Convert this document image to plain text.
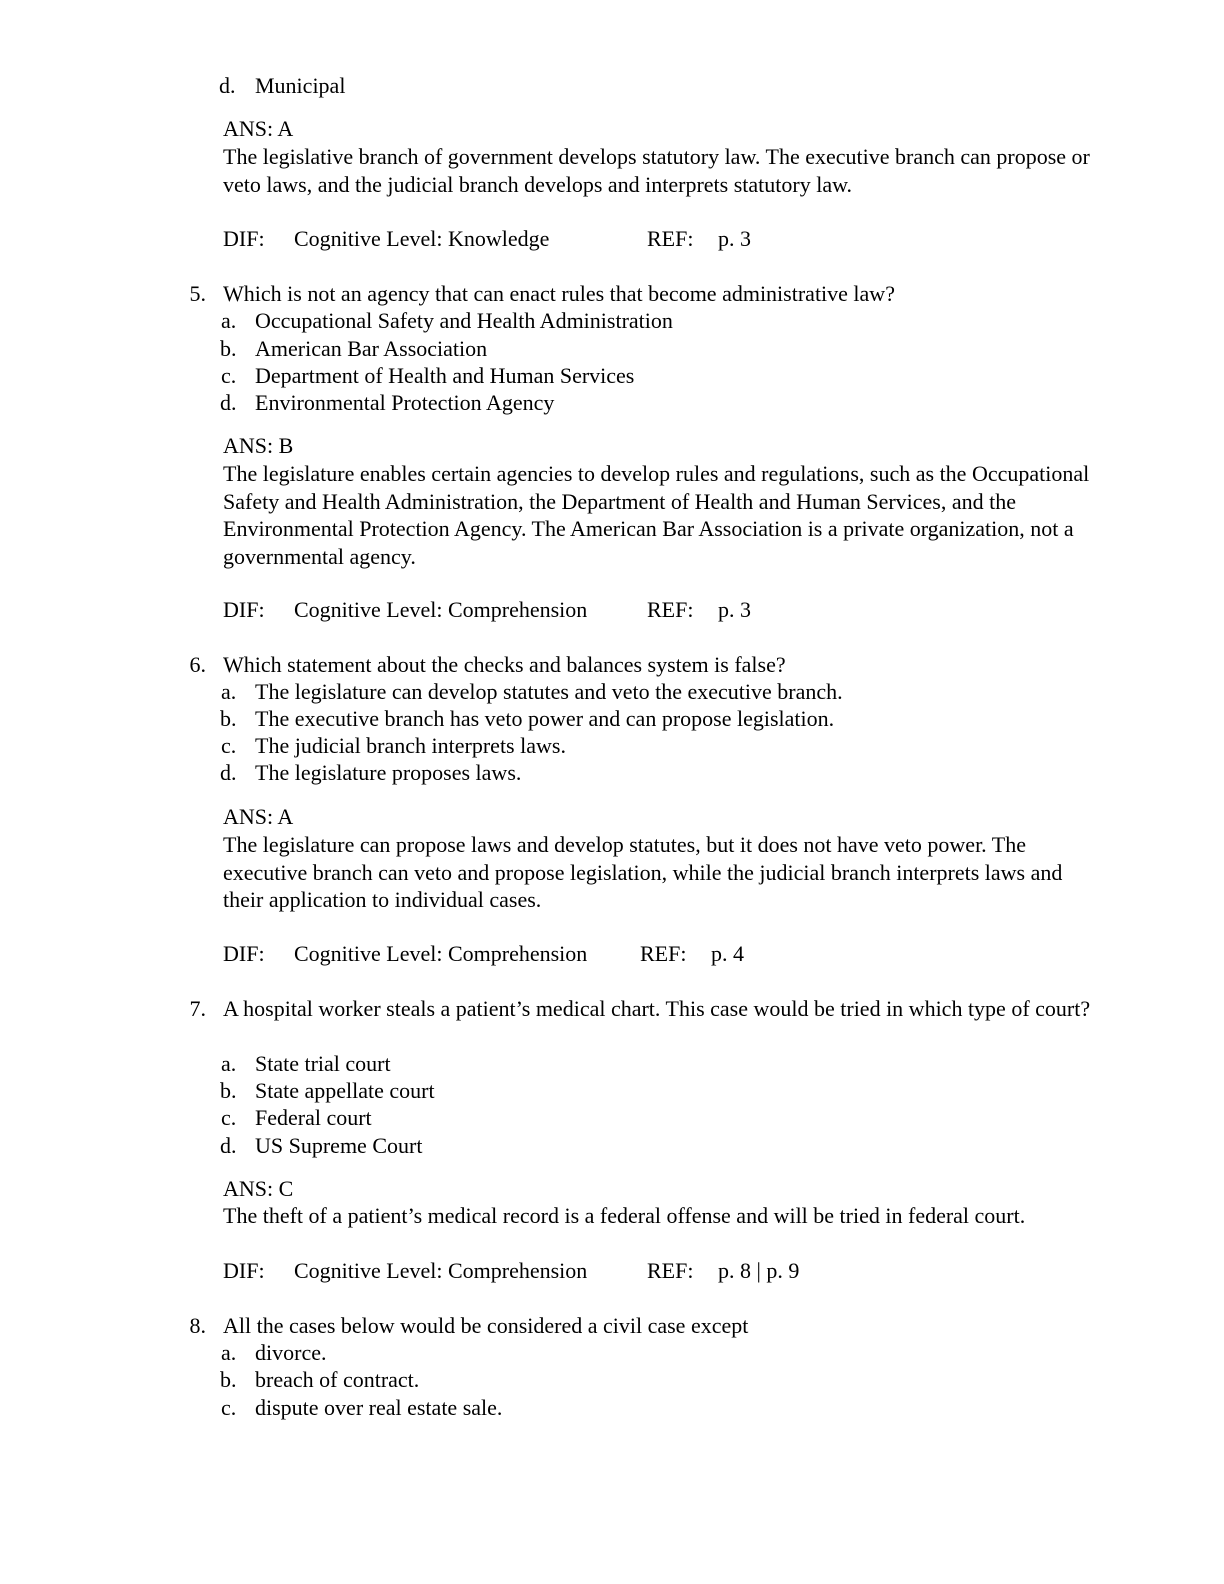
d. Municipal
ANS: A
The legislative branch of government develops statutory law. The executive branch can propose or veto laws, and the judicial branch develops and interprets statutory law.
DIF: Cognitive Level: Knowledge	REF: p. 3
5. Which is not an agency that can enact rules that become administrative law?
a. Occupational Safety and Health Administration
b. American Bar Association
c. Department of Health and Human Services
d. Environmental Protection Agency
ANS: B
The legislature enables certain agencies to develop rules and regulations, such as the Occupational Safety and Health Administration, the Department of Health and Human Services, and the Environmental Protection Agency. The American Bar Association is a private organization, not a governmental agency.
DIF: Cognitive Level: Comprehension	REF: p. 3
6. Which statement about the checks and balances system is false?
a. The legislature can develop statutes and veto the executive branch.
b. The executive branch has veto power and can propose legislation.
c. The judicial branch interprets laws.
d. The legislature proposes laws.
ANS: A
The legislature can propose laws and develop statutes, but it does not have veto power. The executive branch can veto and propose legislation, while the judicial branch interprets laws and their application to individual cases.
DIF: Cognitive Level: Comprehension REF: p. 4
7. A hospital worker steals a patient’s medical chart. This case would be tried in which type of court?
a. State trial court
b. State appellate court
c. Federal court
d. US Supreme Court
ANS: C
The theft of a patient’s medical record is a federal offense and will be tried in federal court.
DIF: Cognitive Level: Comprehension	REF: p. 8 | p. 9
8. All the cases below would be considered a civil case except
a. divorce.
b. breach of contract.
c. dispute over real estate sale.
